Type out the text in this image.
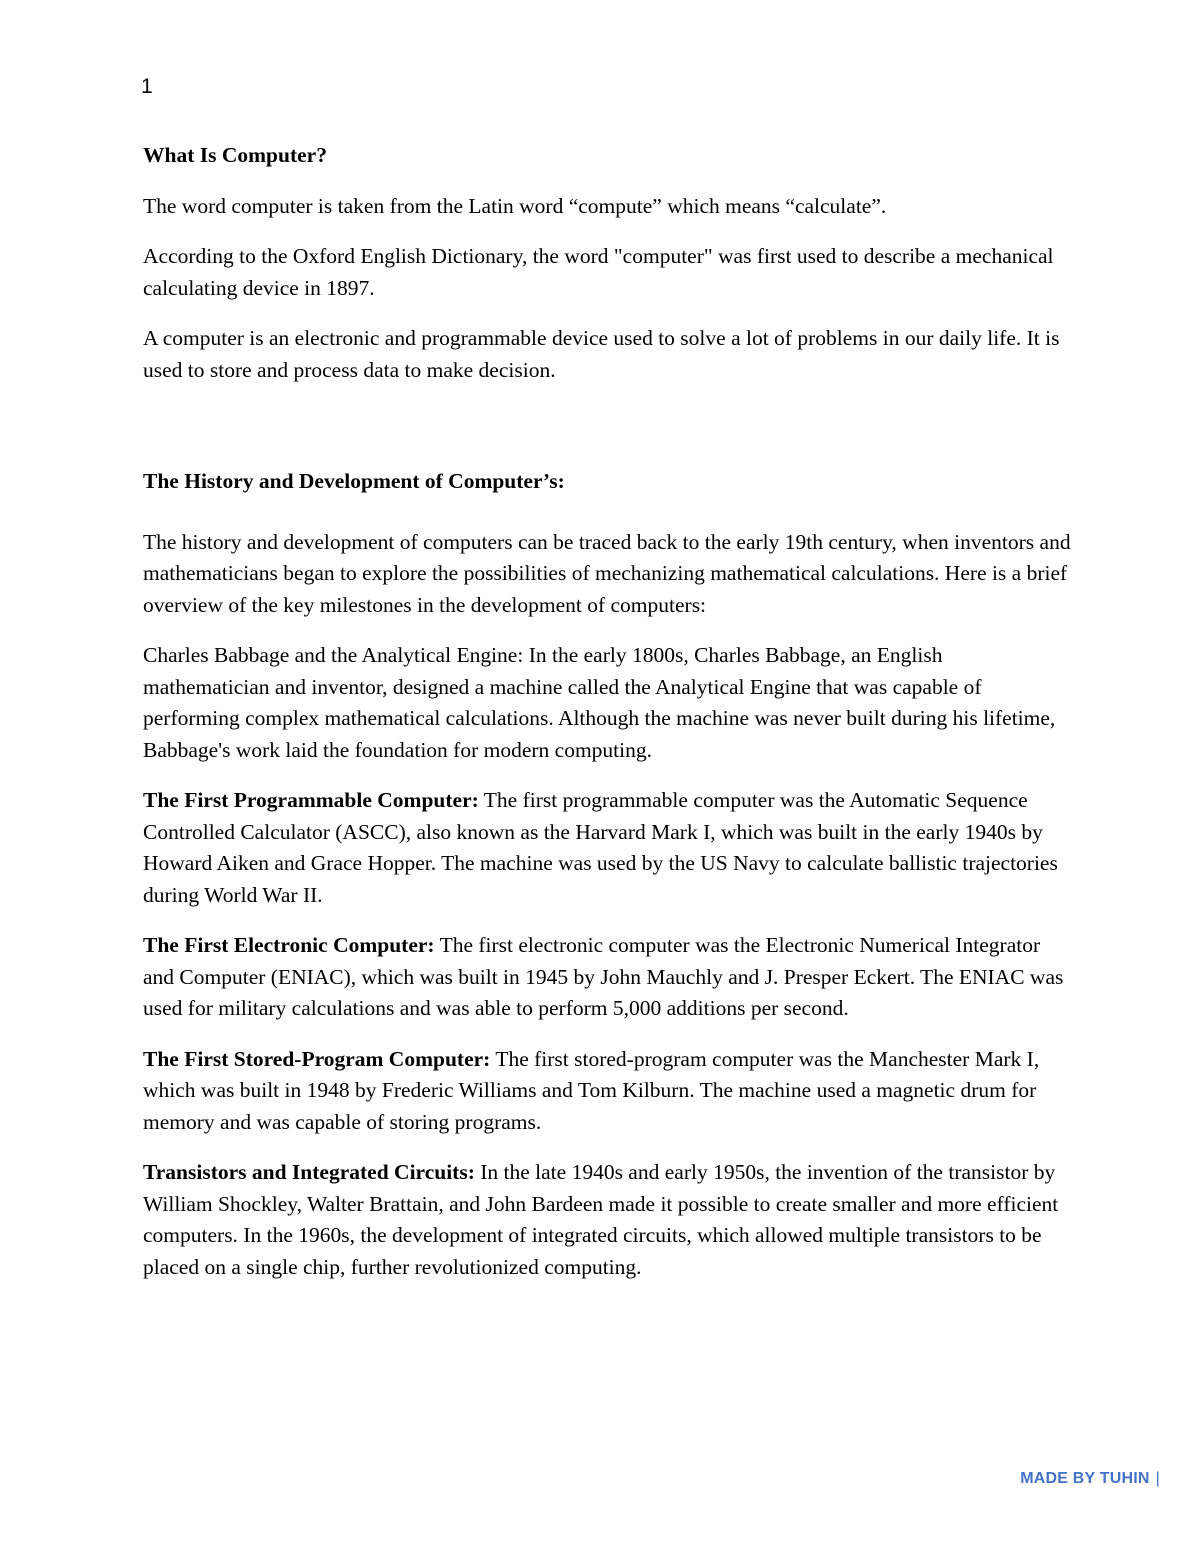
1
What Is Computer?

The word computer is taken from the Latin word “compute” which means “calculate”.

According to the Oxford English Dictionary, the word "computer" was first used to describe a mechanical calculating device in 1897.

A computer is an electronic and programmable device used to solve a lot of problems in our daily life. It is used to store and process data to make decision.

The History and Development of Computer’s:

The history and development of computers can be traced back to the early 19th century, when inventors and mathematicians began to explore the possibilities of mechanizing mathematical calculations. Here is a brief overview of the key milestones in the development of computers:

Charles Babbage and the Analytical Engine: In the early 1800s, Charles Babbage, an English mathematician and inventor, designed a machine called the Analytical Engine that was capable of performing complex mathematical calculations. Although the machine was never built during his lifetime, Babbage's work laid the foundation for modern computing.

The First Programmable Computer: The first programmable computer was the Automatic Sequence Controlled Calculator (ASCC), also known as the Harvard Mark I, which was built in the early 1940s by Howard Aiken and Grace Hopper. The machine was used by the US Navy to calculate ballistic trajectories during World War II.

The First Electronic Computer: The first electronic computer was the Electronic Numerical Integrator and Computer (ENIAC), which was built in 1945 by John Mauchly and J. Presper Eckert. The ENIAC was used for military calculations and was able to perform 5,000 additions per second.

The First Stored-Program Computer: The first stored-program computer was the Manchester Mark I, which was built in 1948 by Frederic Williams and Tom Kilburn. The machine used a magnetic drum for memory and was capable of storing programs.

Transistors and Integrated Circuits: In the late 1940s and early 1950s, the invention of the transistor by William Shockley, Walter Brattain, and John Bardeen made it possible to create smaller and more efficient computers. In the 1960s, the development of integrated circuits, which allowed multiple transistors to be placed on a single chip, further revolutionized computing.

MADE BY TUHIN |
